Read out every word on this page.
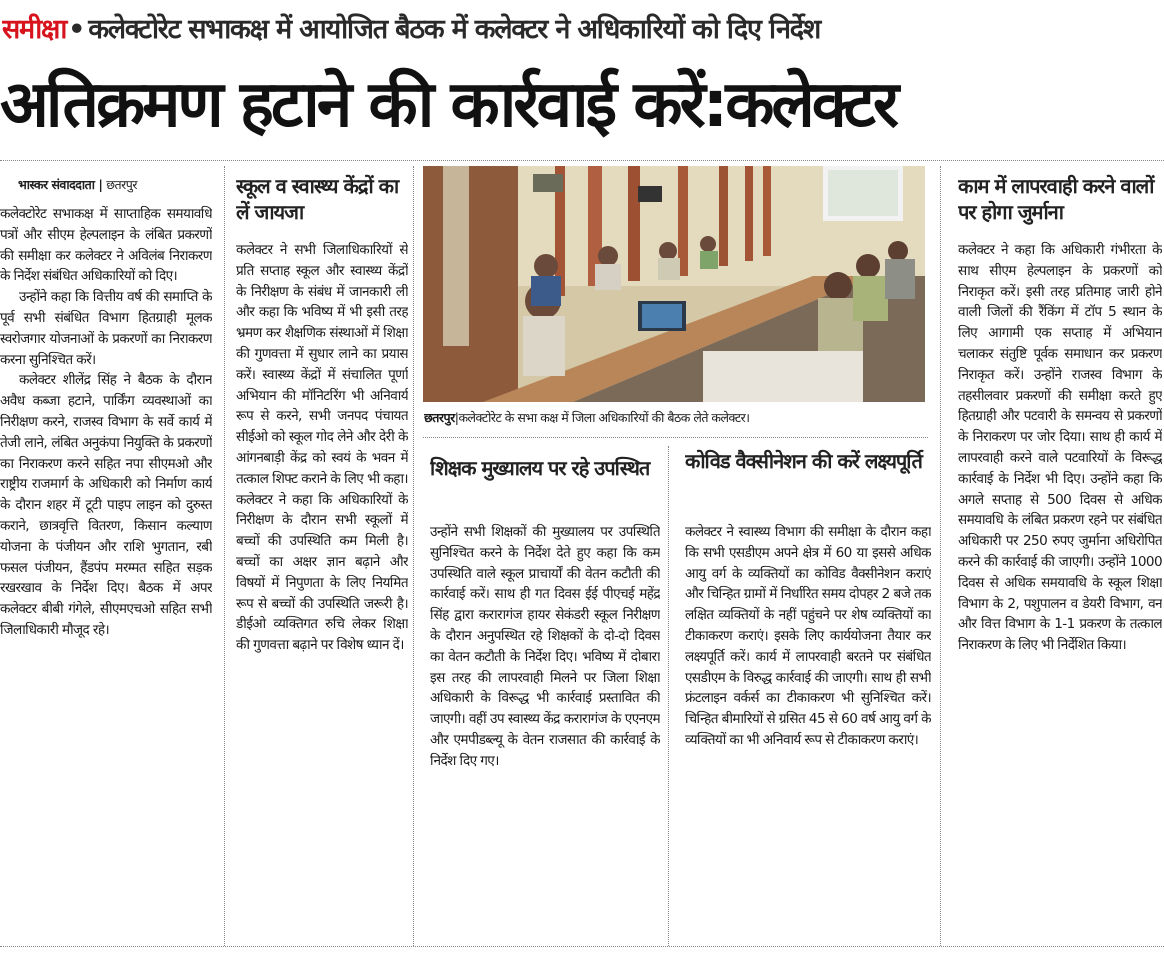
समीक्षा• कलेक्टोरेट सभाकक्ष में आयोजित बैठक में कलेक्टर ने अधिकारियों को दिए निर्देश
अतिक्रमण हटाने की कार्रवाई करें:कलेक्टर
भास्कर संवाददाता | छतरपुर

कलेक्टोरेट सभाकक्ष में साप्ताहिक समयावधि पत्रों और सीएम हेल्पलाइन के लंबित प्रकरणों की समीक्षा कर कलेक्टर ने अविलंब निराकरण के निर्देश संबंधित अधिकारियों को दिए।

उन्होंने कहा कि वित्तीय वर्ष की समाप्ति के पूर्व सभी संबंधित विभाग हितग्राही मूलक स्वरोजगार योजनाओं के प्रकरणों का निराकरण करना सुनिश्चित करें।

कलेक्टर शीलेंद्र सिंह ने बैठक के दौरान अवैध कब्जा हटाने, पार्किंग व्यवस्थाओं का निरीक्षण करने, राजस्व विभाग के सर्वे कार्य में तेजी लाने, लंबित अनुकंपा नियुक्ति के प्रकरणों का निराकरण करने सहित नपा सीएमओ और राष्ट्रीय राजमार्ग के अधिकारी को निर्माण कार्य के दौरान शहर में टूटी पाइप लाइन को दुरुस्त कराने, छात्रवृत्ति वितरण, किसान कल्याण योजना के पंजीयन और राशि भुगतान, रबी फसल पंजीयन, हैंडपंप मरम्मत सहित सड़क रखरखाव के निर्देश दिए। बैठक में अपर कलेक्टर बीबी गंगेले, सीएमएचओ सहित सभी जिलाधिकारी मौजूद रहे।

स्कूल व स्वास्थ्य केंद्रों का लें जायजा
कलेक्टर ने सभी जिलाधिकारियों से प्रति सप्ताह स्कूल और स्वास्थ्य केंद्रों के निरीक्षण के संबंध में जानकारी ली और कहा कि भविष्य में भी इसी तरह भ्रमण कर शैक्षणिक संस्थाओं में शिक्षा की गुणवत्ता में सुधार लाने का प्रयास करें। स्वास्थ्य केंद्रों में संचालित पूर्णा अभियान की मॉनिटरिंग भी अनिवार्य रूप से करने, सभी जनपद पंचायत सीईओ को स्कूल गोद लेने और देरी के आंगनबाड़ी केंद्र को स्वयं के भवन में तत्काल शिफ्ट कराने के लिए भी कहा। कलेक्टर ने कहा कि अधिकारियों के निरीक्षण के दौरान सभी स्कूलों में बच्चों की उपस्थिति कम मिली है। बच्चों का अक्षर ज्ञान बढ़ाने और विषयों में निपुणता के लिए नियमित रूप से बच्चों की उपस्थिति जरूरी है। डीईओ व्यक्तिगत रुचि लेकर शिक्षा की गुणवत्ता बढ़ाने पर विशेष ध्यान दें।
छतरपुर|कलेक्टोरेट के सभा कक्ष में जिला अधिकारियों की बैठक लेते कलेक्टर।
शिक्षक मुख्यालय पर रहे उपस्थित
उन्होंने सभी शिक्षकों की मुख्यालय पर उपस्थिति सुनिश्चित करने के निर्देश देते हुए कहा कि कम उपस्थिति वाले स्कूल प्राचार्यों की वेतन कटौती की कार्रवाई करें। साथ ही गत दिवस ईई पीएचई महेंद्र सिंह द्वारा करारागंज हायर सेकंडरी स्कूल निरीक्षण के दौरान अनुपस्थित रहे शिक्षकों के दो-दो दिवस का वेतन कटौती के निर्देश दिए। भविष्य में दोबारा इस तरह की लापरवाही मिलने पर जिला शिक्षा अधिकारी के विरूद्ध भी कार्रवाई प्रस्तावित की जाएगी। वहीं उप स्वास्थ्य केंद्र करारागंज के एएनएम और एमपीडब्ल्यू के वेतन राजसात की कार्रवाई के निर्देश दिए गए।
कोविड वैक्सीनेशन की करें लक्ष्यपूर्ति
कलेक्टर ने स्वास्थ्य विभाग की समीक्षा के दौरान कहा कि सभी एसडीएम अपने क्षेत्र में 60 या इससे अधिक आयु वर्ग के व्यक्तियों का कोविड वैक्सीनेशन कराएं और चिन्हित ग्रामों में निर्धारित समय दोपहर 2 बजे तक लक्षित व्यक्तियों के नहीं पहुंचने पर शेष व्यक्तियों का टीकाकरण कराएं। इसके लिए कार्ययोजना तैयार कर लक्ष्यपूर्ति करें। कार्य में लापरवाही बरतने पर संबंधित एसडीएम के विरुद्ध कार्रवाई की जाएगी। साथ ही सभी फ्रंटलाइन वर्कर्स का टीकाकरण भी सुनिश्चित करें। चिन्हित बीमारियों से ग्रसित 45 से 60 वर्ष आयु वर्ग के व्यक्तियों का भी अनिवार्य रूप से टीकाकरण कराएं।
काम में लापरवाही करने वालों पर होगा जुर्माना
कलेक्टर ने कहा कि अधिकारी गंभीरता के साथ सीएम हेल्पलाइन के प्रकरणों को निराकृत करें। इसी तरह प्रतिमाह जारी होने वाली जिलों की रैंकिंग में टॉप 5 स्थान के लिए आगामी एक सप्ताह में अभियान चलाकर संतुष्टि पूर्वक समाधान कर प्रकरण निराकृत करें। उन्होंने राजस्व विभाग के तहसीलवार प्रकरणों की समीक्षा करते हुए हितग्राही और पटवारी के समन्वय से प्रकरणों के निराकरण पर जोर दिया। साथ ही कार्य में लापरवाही करने वाले पटवारियों के विरूद्ध कार्रवाई के निर्देश भी दिए। उन्होंने कहा कि अगले सप्ताह से 500 दिवस से अधिक समयावधि के लंबित प्रकरण रहने पर संबंधित अधिकारी पर 250 रुपए जुर्माना अधिरोपित करने की कार्रवाई की जाएगी। उन्होंने 1000 दिवस से अधिक समयावधि के स्कूल शिक्षा विभाग के 2, पशुपालन व डेयरी विभाग, वन और वित्त विभाग के 1-1 प्रकरण के तत्काल निराकरण के लिए भी निर्देशित किया।
